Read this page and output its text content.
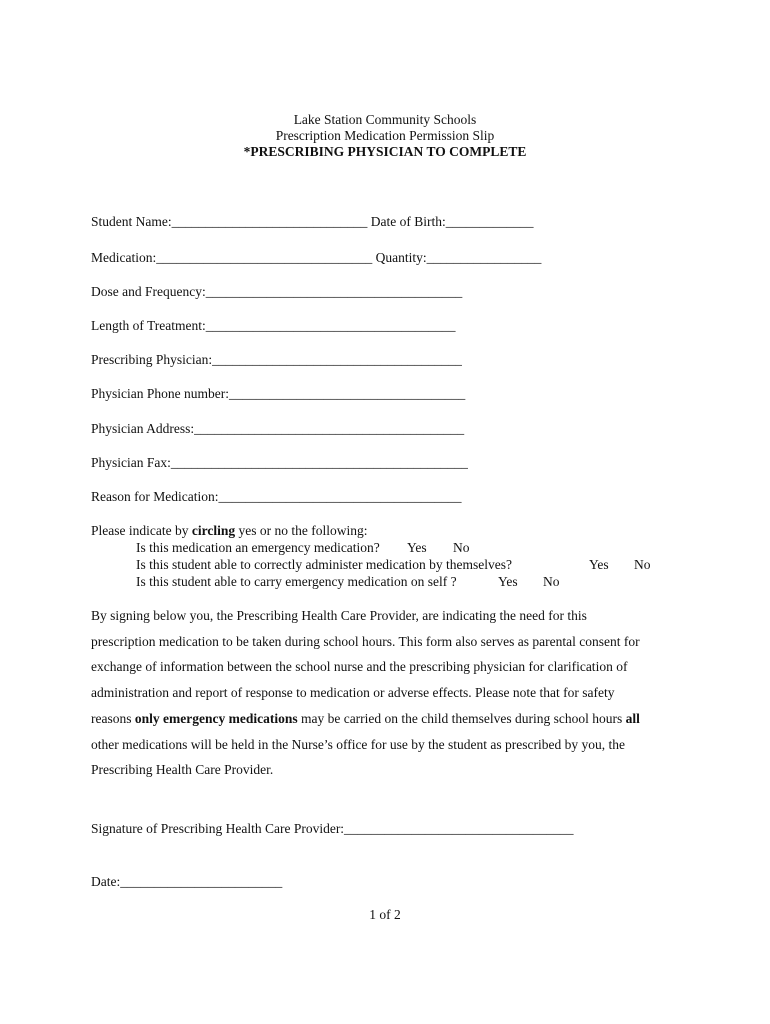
Lake Station Community Schools
Prescription Medication Permission Slip
*PRESCRIBING PHYSICIAN TO COMPLETE
Student Name:_____________________________ Date of Birth:_____________
Medication:________________________________ Quantity:_________________
Dose and Frequency:______________________________________
Length of Treatment:_____________________________________
Prescribing Physician:_____________________________________
Physician Phone number:___________________________________
Physician Address:________________________________________
Physician Fax:____________________________________________
Reason for Medication:____________________________________
Please indicate by circling yes or no the following:
Is this medication an emergency medication? Yes No
Is this student able to correctly administer medication by themselves?	Yes No
Is this student able to carry emergency medication on self ?	Yes No
By signing below you, the Prescribing Health Care Provider, are indicating the need for this
prescription medication to be taken during school hours. This form also serves as parental consent for
exchange of information between the school nurse and the prescribing physician for clarification of
administration and report of response to medication or adverse effects. Please note that for safety
reasons only emergency medications may be carried on the child themselves during school hours all
other medications will be held in the Nurse’s office for use by the student as prescribed by you, the
Prescribing Health Care Provider.
Signature of Prescribing Health Care Provider:__________________________________
Date:________________________
1 of 2
